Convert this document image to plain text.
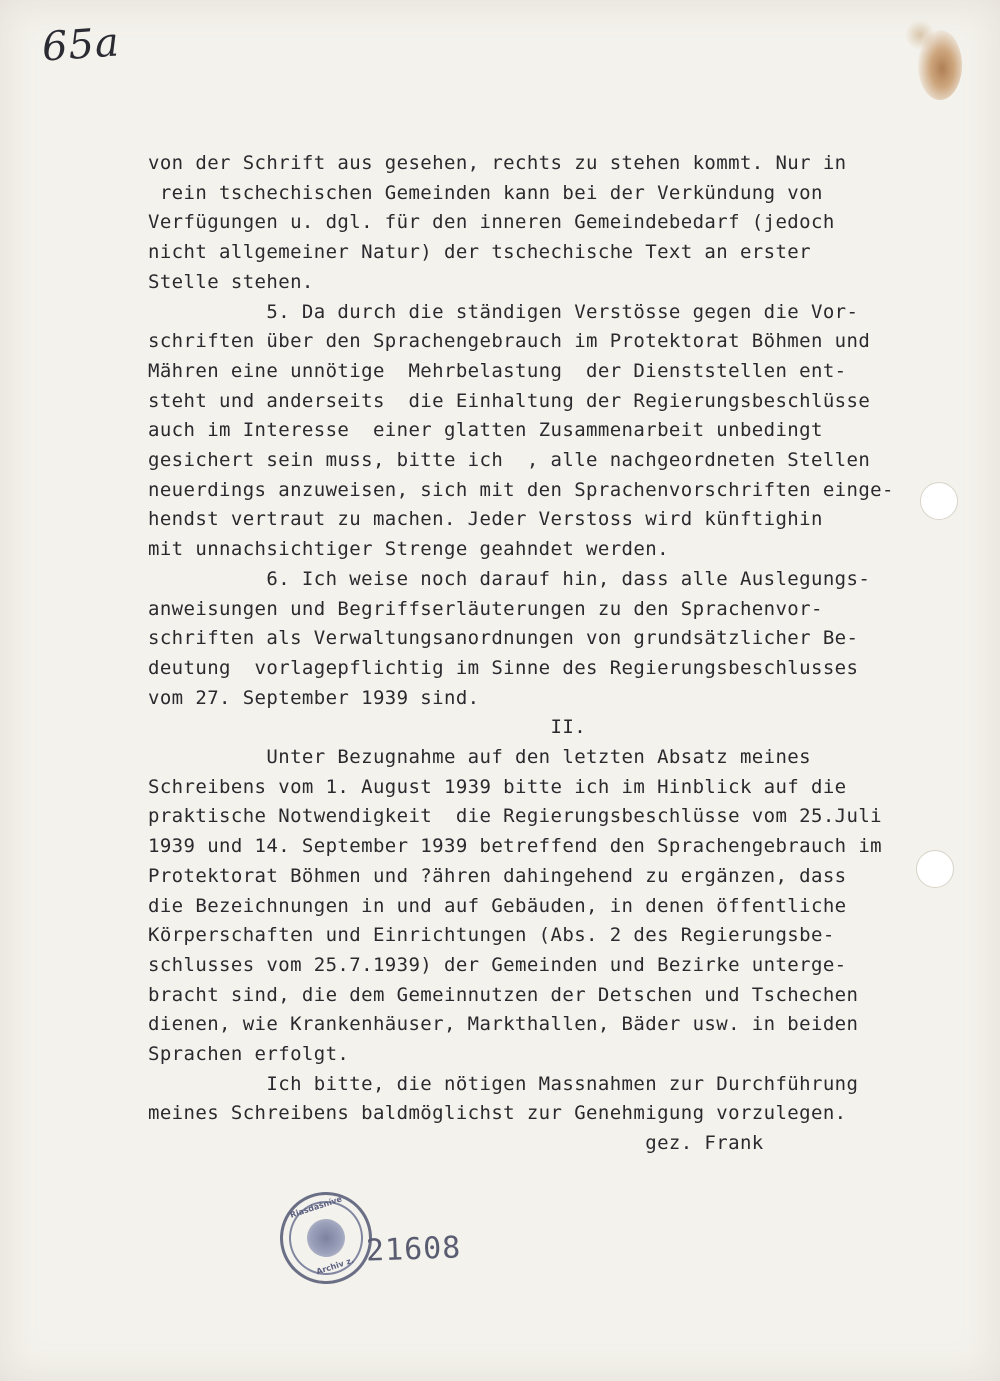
65a
von der Schrift aus gesehen, rechts zu stehen kommt. Nur in
rein tschechischen Gemeinden kann bei der Verkündung von
Verfügungen u. dgl. für den inneren Gemeindebedarf (jedoch
nicht allgemeiner Natur) der tschechische Text an erster
Stelle stehen.
5. Da durch die ständigen Verstösse gegen die Vor-
schriften über den Sprachengebrauch im Protektorat Böhmen und
Mähren eine unnötige  Mehrbelastung  der Dienststellen ent-
steht und anderseits  die Einhaltung der Regierungsbeschlüsse
auch im Interesse  einer glatten Zusammenarbeit unbedingt
gesichert sein muss, bitte ich  , alle nachgeordneten Stellen
neuerdings anzuweisen, sich mit den Sprachenvorschriften einge-
hendst vertraut zu machen. Jeder Verstoss wird künftighin
mit unnachsichtiger Strenge geahndet werden.
6. Ich weise noch darauf hin, dass alle Auslegungs-
anweisungen und Begriffserläuterungen zu den Sprachenvor-
schriften als Verwaltungsanordnungen von grundsätzlicher Be-
deutung  vorlagepflichtig im Sinne des Regierungsbeschlusses
vom 27. September 1939 sind.
II.
Unter Bezugnahme auf den letzten Absatz meines
Schreibens vom 1. August 1939 bitte ich im Hinblick auf die
praktische Notwendigkeit  die Regierungsbeschlüsse vom 25.Juli
1939 und 14. September 1939 betreffend den Sprachengebrauch im
Protektorat Böhmen und ?ähren dahingehend zu ergänzen, dass
die Bezeichnungen in und auf Gebäuden, in denen öffentliche
Körperschaften und Einrichtungen (Abs. 2 des Regierungsbe-
schlusses vom 25.7.1939) der Gemeinden und Bezirke unterge-
bracht sind, die dem Gemeinnutzen der Detschen und Tschechen
dienen, wie Krankenhäuser, Markthallen, Bäder usw. in beiden
Sprachen erfolgt.
Ich bitte, die nötigen Massnahmen zur Durchführung
meines Schreibens baldmöglichst zur Genehmigung vorzulegen.
gez. Frank
Riasdašníve
Archiv z. 21608
